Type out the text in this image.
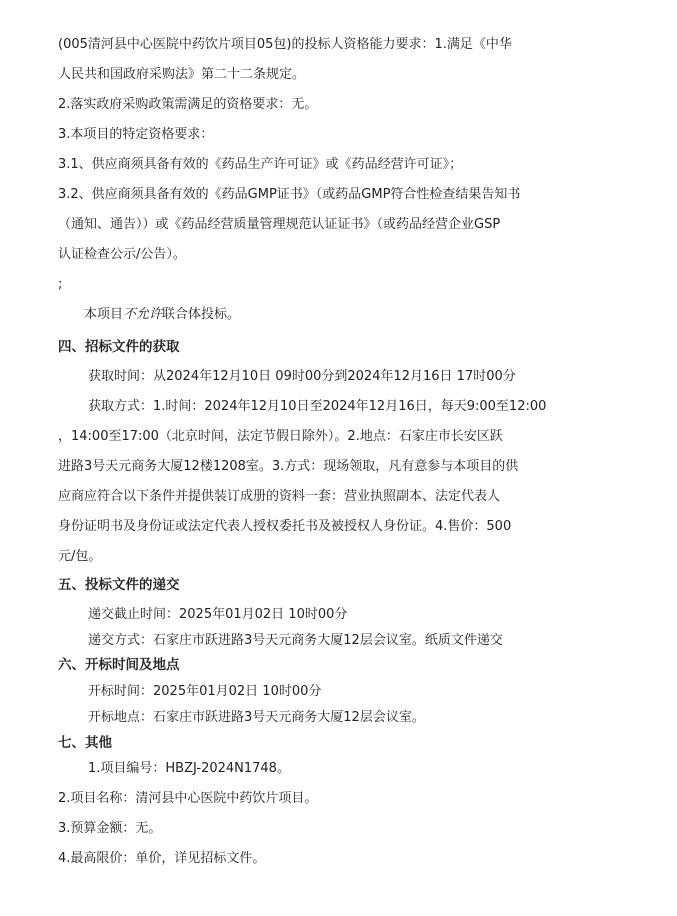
(005清河县中心医院中药饮片项目05包)的投标人资格能力要求：1.满足《中华
人民共和国政府采购法》第二十二条规定。
2.落实政府采购政策需满足的资格要求：无。
3.本项目的特定资格要求：
3.1、供应商须具备有效的《药品生产许可证》或《药品经营许可证》；
3.2、供应商须具备有效的《药品GMP证书》（或药品GMP符合性检查结果告知书
（通知、通告））或《药品经营质量管理规范认证证书》（或药品经营企业GSP
认证检查公示/公告）。
;
本项目不允许联合体投标。
四、招标文件的获取
获取时间：从2024年12月10日 09时00分到2024年12月16日 17时00分
获取方式：1.时间：2024年12月10日至2024年12月16日，每天9:00至12:00
，14:00至17:00（北京时间，法定节假日除外）。2.地点：石家庄市长安区跃
进路3号天元商务大厦12楼1208室。3.方式：现场领取，凡有意参与本项目的供
应商应符合以下条件并提供装订成册的资料一套：营业执照副本、法定代表人
身份证明书及身份证或法定代表人授权委托书及被授权人身份证。4.售价：500
元/包。
五、投标文件的递交
递交截止时间：2025年01月02日 10时00分
递交方式：石家庄市跃进路3号天元商务大厦12层会议室。纸质文件递交
六、开标时间及地点
开标时间：2025年01月02日 10时00分
开标地点：石家庄市跃进路3号天元商务大厦12层会议室。
七、其他
1.项目编号：HBZJ-2024N1748。
2.项目名称：清河县中心医院中药饮片项目。
3.预算金额：无。
4.最高限价：单价，详见招标文件。
